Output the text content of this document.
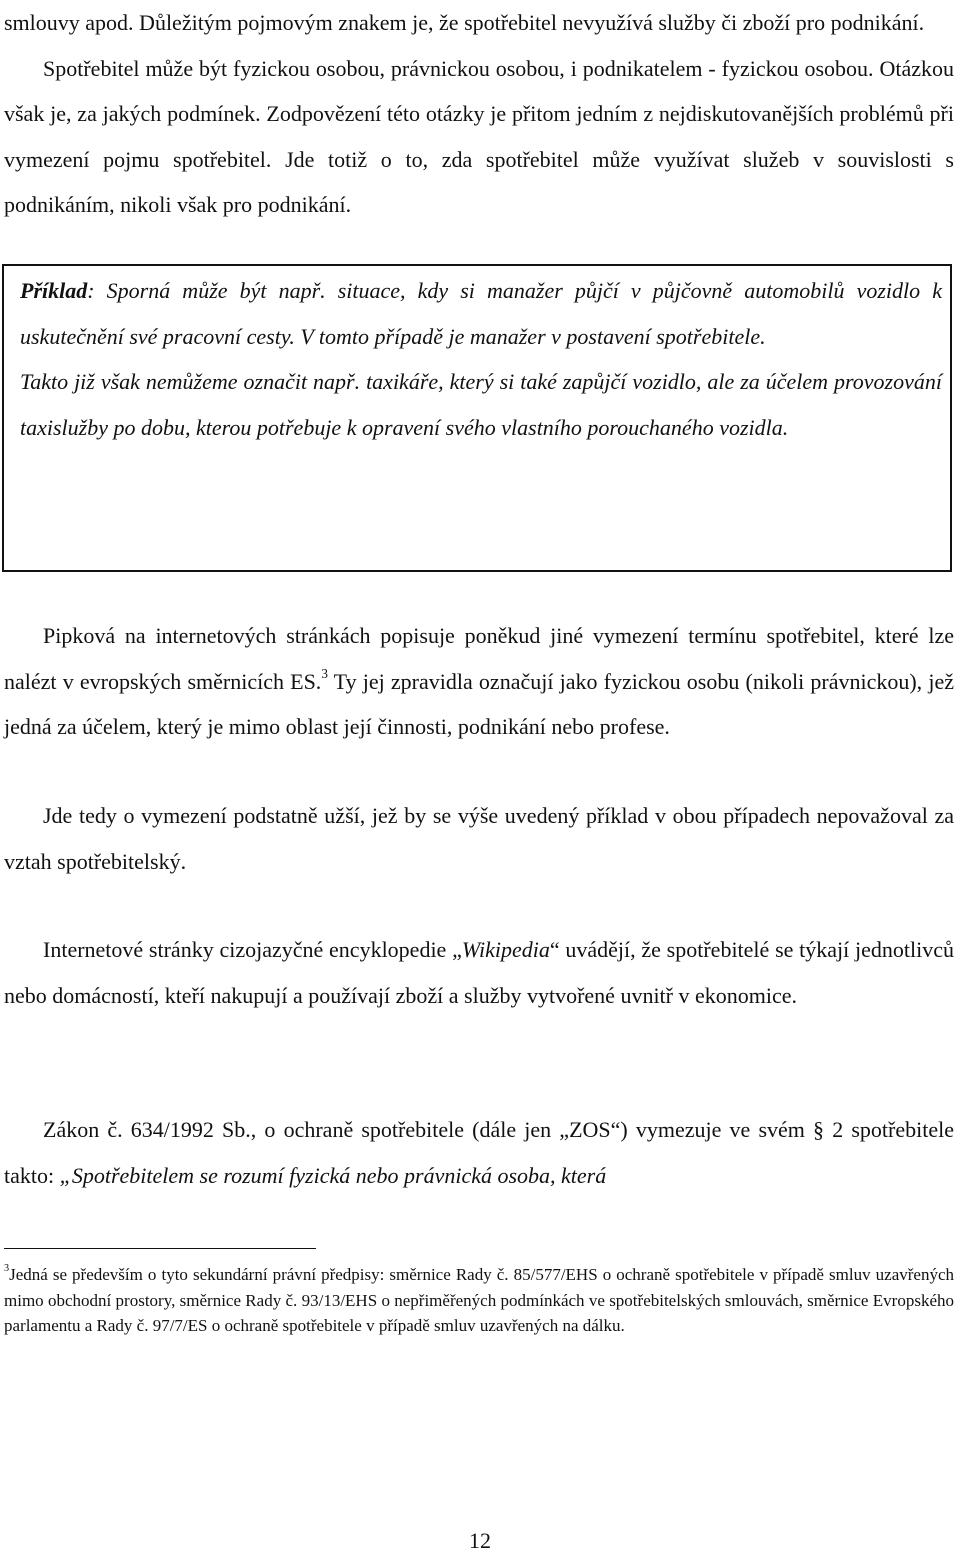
smlouvy apod. Důležitým pojmovým znakem je, že spotřebitel nevyužívá služby či zboží pro podnikání.

Spotřebitel může být fyzickou osobou, právnickou osobou, i podnikatelem - fyzickou osobou. Otázkou však je, za jakých podmínek. Zodpovězení této otázky je přitom jedním z nejdiskutovanějších problémů při vymezení pojmu spotřebitel. Jde totiž o to, zda spotřebitel může využívat služeb v souvislosti s podnikáním, nikoli však pro podnikání.

Příklad: Sporná může být např. situace, kdy si manažer půjčí v půjčovně automobilů vozidlo k uskutečnění své pracovní cesty. V tomto případě je manažer v postavení spotřebitele.

Takto již však nemůžeme označit např. taxikáře, který si také zapůjčí vozidlo, ale za účelem provozování taxislužby po dobu, kterou potřebuje k opravení svého vlastního porouchaného vozidla.

Pipková na internetových stránkách popisuje poněkud jiné vymezení termínu spotřebitel, které lze nalézt v evropských směrnicích ES.$^3$ Ty jej zpravidla označují jako fyzickou osobu (nikoli právnickou), jež jedná za účelem, který je mimo oblast její činnosti, podnikání nebo profese.

Jde tedy o vymezení podstatně užší, jež by se výše uvedený příklad v obou případech nepovažoval za vztah spotřebitelský.

Internetové stránky cizojazyčné encyklopedie „Wikipedia“ uvádějí, že spotřebitelé se týkají jednotlivců nebo domácností, kteří nakupují a používají zboží a služby vytvořené uvnitř v ekonomice.

Zákon č. 634/1992 Sb., o ochraně spotřebitele (dále jen „ZOS“) vymezuje ve svém § 2 spotřebitele takto: „Spotřebitelem se rozumí fyzická nebo právnická osoba, která

$^3$Jedná se především o tyto sekundární právní předpisy: směrnice Rady č. 85/577/EHS o ochraně spotřebitele v případě smluv uzavřených mimo obchodní prostory, směrnice Rady č. 93/13/EHS o nepřiměřených podmínkách ve spotřebitelských smlouvách, směrnice Evropského parlamentu a Rady č. 97/7/ES o ochraně spotřebitele v případě smluv uzavřených na dálku.

12
